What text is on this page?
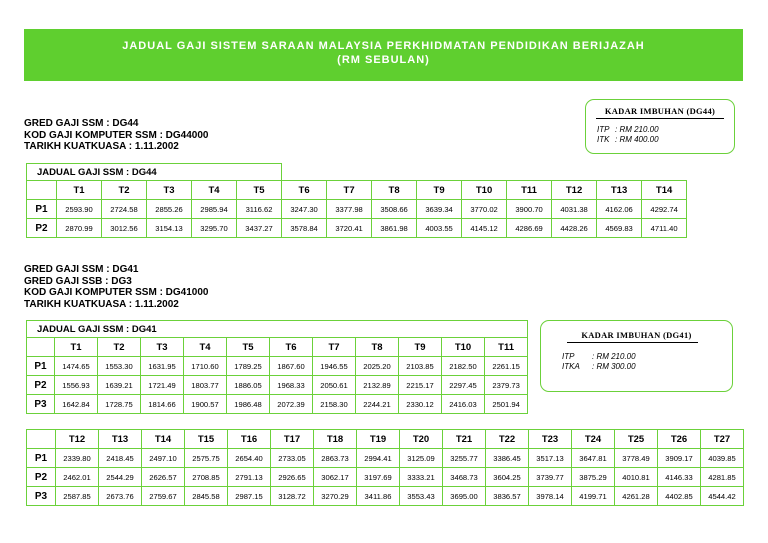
JADUAL GAJI SISTEM SARAAN MALAYSIA PERKHIDMATAN PENDIDIKAN BERIJAZAH
(RM SEBULAN)
GRED GAJI SSM : DG44
KOD GAJI KOMPUTER SSM : DG44000
TARIKH KUATKUASA : 1.11.2002
KADAR IMBUHAN (DG44)
ITP : RM 210.00
ITK : RM 400.00
JADUAL GAJI SSM : DG44														
	T1	T2	T3	T4	T5	T6	T7	T8	T9	T10	T11	T12	T13	T14
P1	2593.90	2724.58	2855.26	2985.94	3116.62	3247.30	3377.98	3508.66	3639.34	3770.02	3900.70	4031.38	4162.06	4292.74
P2	2870.99	3012.56	3154.13	3295.70	3437.27	3578.84	3720.41	3861.98	4003.55	4145.12	4286.69	4428.26	4569.83	4711.40
GRED GAJI SSM : DG41
GRED GAJI SSB : DG3
KOD GAJI KOMPUTER SSM : DG41000
TARIKH KUATKUASA : 1.11.2002
KADAR IMBUHAN (DG41)
ITP : RM 210.00
ITKA : RM 300.00
JADUAL GAJI SSM : DG41											
	T1	T2	T3	T4	T5	T6	T7	T8	T9	T10	T11
P1	1474.65	1553.30	1631.95	1710.60	1789.25	1867.60	1946.55	2025.20	2103.85	2182.50	2261.15
P2	1556.93	1639.21	1721.49	1803.77	1886.05	1968.33	2050.61	2132.89	2215.17	2297.45	2379.73
P3	1642.84	1728.75	1814.66	1900.57	1986.48	2072.39	2158.30	2244.21	2330.12	2416.03	2501.94
	T12	T13	T14	T15	T16	T17	T18	T19	T20	T21	T22	T23	T24	T25	T26	T27
P1	2339.80	2418.45	2497.10	2575.75	2654.40	2733.05	2863.73	2994.41	3125.09	3255.77	3386.45	3517.13	3647.81	3778.49	3909.17	4039.85
P2	2462.01	2544.29	2626.57	2708.85	2791.13	2926.65	3062.17	3197.69	3333.21	3468.73	3604.25	3739.77	3875.29	4010.81	4146.33	4281.85
P3	2587.85	2673.76	2759.67	2845.58	2987.15	3128.72	3270.29	3411.86	3553.43	3695.00	3836.57	3978.14	4199.71	4261.28	4402.85	4544.42
